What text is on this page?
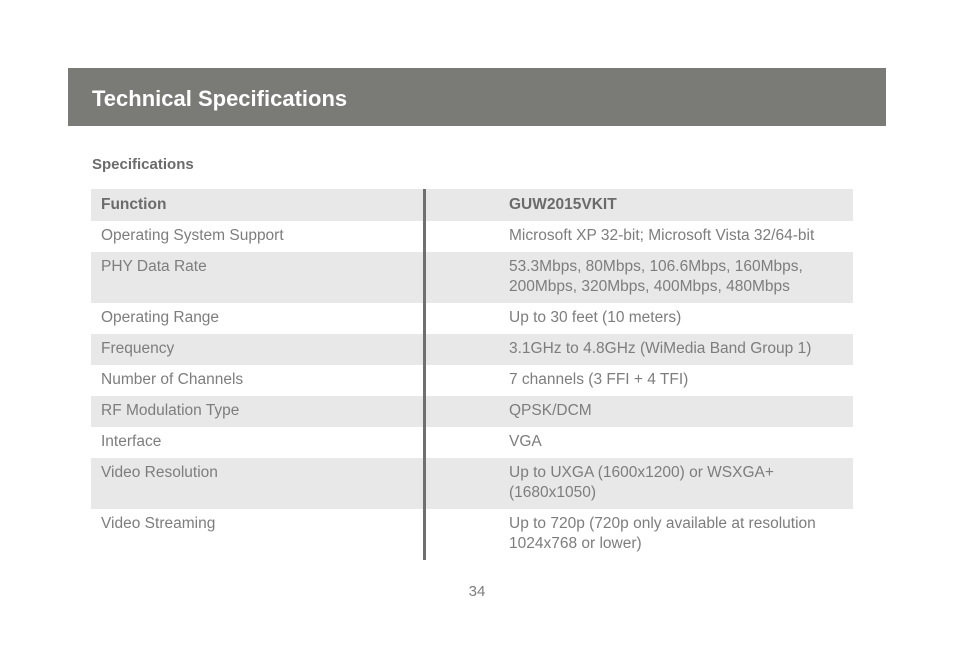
Technical Specifications
Specifications
Function	GUW2015VKIT
Operating System Support	Microsoft XP 32-bit; Microsoft Vista 32/64-bit
PHY Data Rate	53.3Mbps, 80Mbps, 106.6Mbps, 160Mbps, 200Mbps, 320Mbps, 400Mbps, 480Mbps
Operating Range	Up to 30 feet (10 meters)
Frequency	3.1GHz to 4.8GHz (WiMedia Band Group 1)
Number of Channels	7 channels (3 FFI + 4 TFI)
RF Modulation Type	QPSK/DCM
Interface	VGA
Video Resolution	Up to UXGA (1600x1200) or WSXGA+ (1680x1050)
Video Streaming	Up to 720p (720p only available at resolution 1024x768 or lower)
34
